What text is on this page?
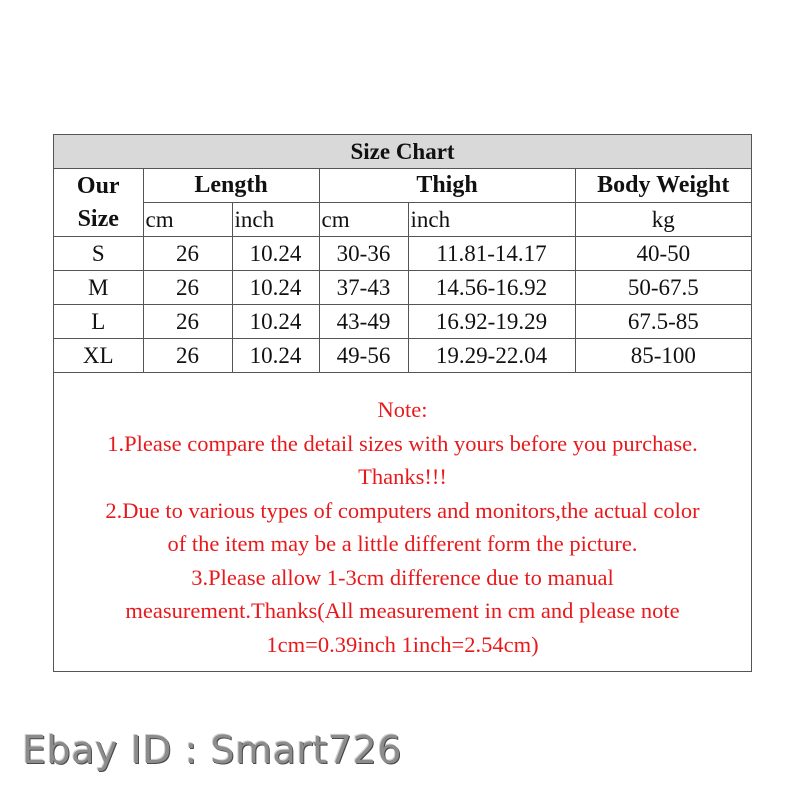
Size Chart					

Our
Size	Length		Thigh		Body Weight
	cm	inch	cm	inch	kg
S	26	10.24	30-36	11.81-14.17	40-50
M	26	10.24	37-43	14.56-16.92	50-67.5
L	26	10.24	43-49	16.92-19.29	67.5-85
XL	26	10.24	49-56	19.29-22.04	85-100
Note:
1.Please compare the detail sizes with yours before you purchase.
Thanks!!!
2.Due to various types of computers and monitors,the actual color
of the item may be a little different form the picture.
3.Please allow 1-3cm difference due to manual
measurement.Thanks(All measurement in cm and please note
1cm=0.39inch 1inch=2.54cm)
Ebay ID : Smart726
